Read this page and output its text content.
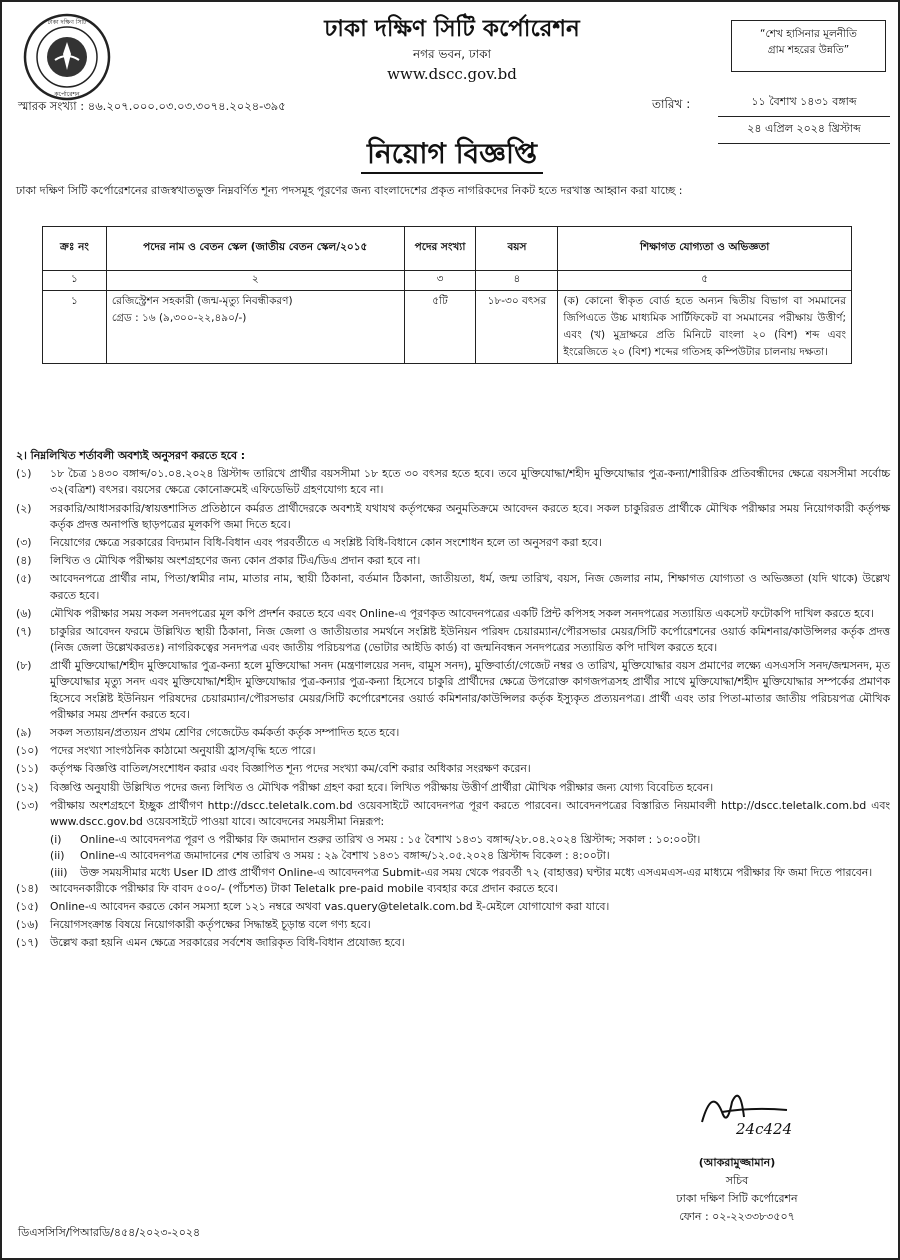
ঢাকা দক্ষিণ সিটি
কর্পোরেশন
ঢাকা দক্ষিণ সিটি কর্পোরেশন
নগর ভবন, ঢাকা
www.dscc.gov.bd
“শেখ হাসিনার মূলনীতি
গ্রাম শহরের উন্নতি”
স্মারক সংখ্যা : ৪৬.২০৭.০০০.০৩.০৩.৩০৭৪.২০২৪-৩৯৫	তারিখ :	১১ বৈশাখ ১৪৩১ বঙ্গাব্দ
২৪ এপ্রিল ২০২৪ খ্রিস্টাব্দ
নিয়োগ বিজ্ঞপ্তি
ঢাকা দক্ষিণ সিটি কর্পোরেশনের রাজস্বখাতভুক্ত নিম্নবর্ণিত শূন্য পদসমূহ পূরণের জন্য বাংলাদেশের প্রকৃত নাগরিকদের নিকট হতে দরখাস্ত আহ্বান করা যাচ্ছে :
ক্রঃ নং	পদের নাম ও বেতন স্কেল (জাতীয় বেতন স্কেল/২০১৫	পদের সংখ্যা	বয়স	শিক্ষাগত যোগ্যতা ও অভিজ্ঞতা
১	২	৩	৪	৫
১	রেজিস্ট্রেশন সহকারী (জন্ম-মৃত্যু নিবন্ধীকরণ)
গ্রেড : ১৬ (৯,৩০০-২২,৪৯০/-)	৫টি	১৮-৩০ বৎসর	(ক) কোনো স্বীকৃত বোর্ড হতে অন্যন দ্বিতীয় বিভাগ বা সমমানের জিপিএতে উচ্চ মাধ্যমিক সার্টিফিকেট বা সমমানের পরীক্ষায় উত্তীর্ণ; এবং (খ) মুদ্রাক্ষরে প্রতি মিনিটে বাংলা ২০ (বিশ) শব্দ এবং ইংরেজিতে ২০ (বিশ) শব্দের গতিসহ কম্পিউটার চালনায় দক্ষতা।
২। নিম্নলিখিত শর্তাবলী অবশ্যই অনুসরণ করতে হবে :
(১)	১৮ চৈত্র ১৪৩০ বঙ্গাব্দ/০১.০৪.২০২৪ খ্রিস্টাব্দ তারিখে প্রার্থীর বয়সসীমা ১৮ হতে ৩০ বৎসর হতে হবে। তবে মুক্তিযোদ্ধা/শহীদ মুক্তিযোদ্ধার পুত্র-কন্যা/শারীরিক প্রতিবন্ধীদের ক্ষেত্রে বয়সসীমা সর্বোচ্চ ৩২(বত্রিশ) বৎসর। বয়সের ক্ষেত্রে কোনোক্রমেই এফিডেভিট গ্রহণযোগ্য হবে না।
(২)	সরকারি/আধাসরকারি/স্বায়ত্তশাসিত প্রতিষ্ঠানে কর্মরত প্রার্থীদেরকে অবশ্যই যথাযথ কর্তৃপক্ষের অনুমতিক্রমে আবেদন করতে হবে। সকল চাকুরিরত প্রার্থীকে মৌখিক পরীক্ষার সময় নিয়োগকারী কর্তৃপক্ষ কর্তৃক প্রদত্ত অনাপত্তি ছাড়পত্রের মূলকপি জমা দিতে হবে।
(৩)	নিয়োগের ক্ষেত্রে সরকারের বিদ্যমান বিধি-বিধান এবং পরবর্তীতে এ সংশ্লিষ্ট বিধি-বিধানে কোন সংশোধন হলে তা অনুসরণ করা হবে।
(৪)	লিখিত ও মৌখিক পরীক্ষায় অংশগ্রহণের জন্য কোন প্রকার টিএ/ডিএ প্রদান করা হবে না।
(৫)	আবেদনপত্রে প্রার্থীর নাম, পিতা/স্বামীর নাম, মাতার নাম, স্থায়ী ঠিকানা, বর্তমান ঠিকানা, জাতীয়তা, ধর্ম, জন্ম তারিখ, বয়স, নিজ জেলার নাম, শিক্ষাগত যোগ্যতা ও অভিজ্ঞতা (যদি থাকে) উল্লেখ করতে হবে।
(৬)	মৌখিক পরীক্ষার সময় সকল সনদপত্রের মূল কপি প্রদর্শন করতে হবে এবং Online-এ পূরণকৃত আবেদনপত্রের একটি প্রিন্ট কপিসহ সকল সনদপত্রের সত্যায়িত একসেট ফটোকপি দাখিল করতে হবে।
(৭)	চাকুরির আবেদন ফরমে উল্লিখিত স্থায়ী ঠিকানা, নিজ জেলা ও জাতীয়তার সমর্থনে সংশ্লিষ্ট ইউনিয়ন পরিষদ চেয়ারম্যান/পৌরসভার মেয়র/সিটি কর্পোরেশনের ওয়ার্ড কমিশনার/কাউন্সিলর কর্তৃক প্রদত্ত (নিজ জেলা উল্লেখকরতঃ) নাগরিকত্বের সনদপত্র এবং জাতীয় পরিচয়পত্র (ভোটার আইডি কার্ড) বা জন্মনিবন্ধন সনদপত্রের সত্যায়িত কপি দাখিল করতে হবে।
(৮)	প্রার্থী মুক্তিযোদ্ধা/শহীদ মুক্তিযোদ্ধার পুত্র-কন্যা হলে মুক্তিযোদ্ধা সনদ (মন্ত্রণালয়ের সনদ, বামুস সনদ), মুক্তিবার্তা/গেজেট নম্বর ও তারিখ, মুক্তিযোদ্ধার বয়স প্রমাণের লক্ষ্যে এসএসসি সনদ/জন্মসনদ, মৃত মুক্তিযোদ্ধার মৃত্যু সনদ এবং মুক্তিযোদ্ধা/শহীদ মুক্তিযোদ্ধার পুত্র-কন্যার পুত্র-কন্যা হিসেবে চাকুরি প্রার্থীদের ক্ষেত্রে উপরোক্ত কাগজপত্রসহ প্রার্থীর সাথে মুক্তিযোদ্ধা/শহীদ মুক্তিযোদ্ধার সম্পর্কের প্রমাণক হিসেবে সংশ্লিষ্ট ইউনিয়ন পরিষদের চেয়ারম্যান/পৌরসভার মেয়র/সিটি কর্পোরেশনের ওয়ার্ড কমিশনার/কাউন্সিলর কর্তৃক ইস্যুকৃত প্রত্যয়নপত্র। প্রার্থী এবং তার পিতা-মাতার জাতীয় পরিচয়পত্র মৌখিক পরীক্ষার সময় প্রদর্শন করতে হবে।
(৯)	সকল সত্যায়ন/প্রত্যয়ন প্রথম শ্রেণির গেজেটেড কর্মকর্তা কর্তৃক সম্পাদিত হতে হবে।
(১০)	পদের সংখ্যা সাংগঠনিক কাঠামো অনুযায়ী হ্রাস/বৃদ্ধি হতে পারে।
(১১)	কর্তৃপক্ষ বিজ্ঞপ্তি বাতিল/সংশোধন করার এবং বিজ্ঞাপিত শূন্য পদের সংখ্যা কম/বেশি করার অধিকার সংরক্ষণ করেন।
(১২)	বিজ্ঞপ্তি অনুযায়ী উল্লিখিত পদের জন্য লিখিত ও মৌখিক পরীক্ষা গ্রহণ করা হবে। লিখিত পরীক্ষায় উত্তীর্ণ প্রার্থীরা মৌখিক পরীক্ষার জন্য যোগ্য বিবেচিত হবেন।
(১৩)	পরীক্ষায় অংশগ্রহণে ইচ্ছুক প্রার্থীগণ http://dscc.teletalk.com.bd ওয়েবসাইটে আবেদনপত্র পূরণ করতে পারবেন। আবেদনপত্রের বিস্তারিত নিয়মাবলী http://dscc.teletalk.com.bd এবং www.dscc.gov.bd ওয়েবসাইটে পাওয়া যাবে। আবেদনের সময়সীমা নিম্নরূপ:
(i)	Online-এ আবেদনপত্র পূরণ ও পরীক্ষার ফি জমাদান শুরুর তারিখ ও সময় : ১৫ বৈশাখ ১৪৩১ বঙ্গাব্দ/২৮.০৪.২০২৪ খ্রিস্টাব্দ; সকাল : ১০:০০টা।
(ii)	Online-এ আবেদনপত্র জমাদানের শেষ তারিখ ও সময় : ২৯ বৈশাখ ১৪৩১ বঙ্গাব্দ/১২.০৫.২০২৪ খ্রিস্টাব্দ বিকেল : ৪:০০টা।
(iii)	উক্ত সময়সীমার মধ্যে User ID প্রাপ্ত প্রার্থীগণ Online-এ আবেদনপত্র Submit-এর সময় থেকে পরবর্তী ৭২ (বাহাত্তর) ঘণ্টার মধ্যে এসএমএস-এর মাধ্যমে পরীক্ষার ফি জমা দিতে পারবেন।
(১৪)	আবেদনকারীকে পরীক্ষার ফি বাবদ ৫০০/- (পাঁচশত) টাকা Teletalk pre-paid mobile ব্যবহার করে প্রদান করতে হবে।
(১৫)	Online-এ আবেদন করতে কোন সমস্যা হলে ১২১ নম্বরে অথবা vas.query@teletalk.com.bd ই-মেইলে যোগাযোগ করা যাবে।
(১৬)	নিয়োগসংক্রান্ত বিষয়ে নিয়োগকারী কর্তৃপক্ষের সিদ্ধান্তই চূড়ান্ত বলে গণ্য হবে।
(১৭)	উল্লেখ করা হয়নি এমন ক্ষেত্রে সরকারের সর্বশেষ জারিকৃত বিধি-বিধান প্রযোজ্য হবে।
24c424
(আকরামুজ্জামান)
সচিব
ঢাকা দক্ষিণ সিটি কর্পোরেশন
ফোন : ০২-২২৩৩৮৩৫০৭
ডিএসসিসি/পিআরডি/৪৫৪/২০২৩-২০২৪
